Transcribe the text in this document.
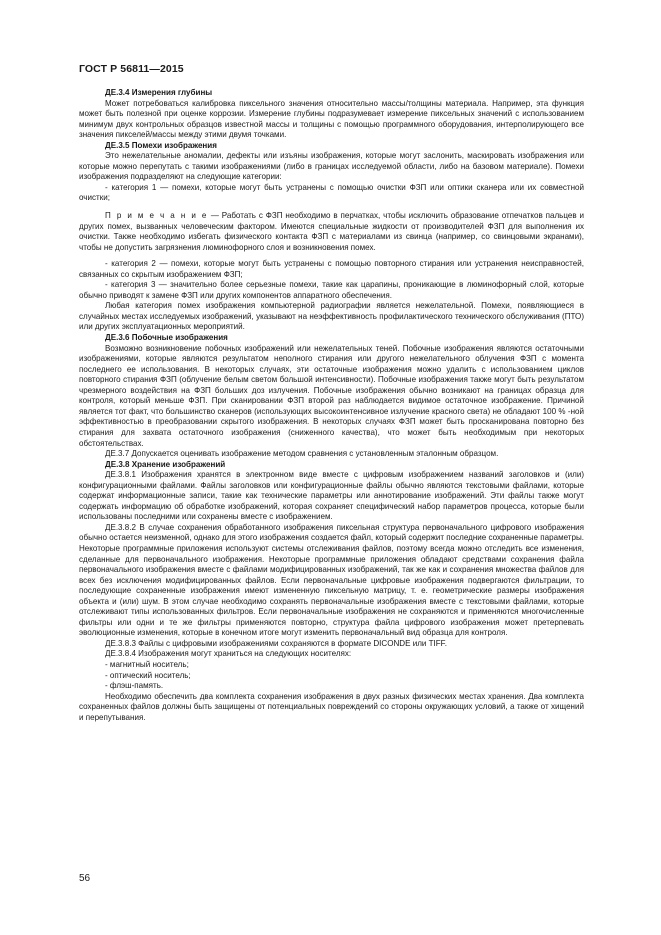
ГОСТ Р 56811—2015

ДЕ.3.4 Измерения глубины

Может потребоваться калибровка пиксельного значения относительно массы/толщины материала. Например, эта функция может быть полезной при оценке коррозии. Измерение глубины подразумевает измерение пиксельных значений с использованием минимум двух контрольных образцов известной массы и толщины с помощью программного оборудования, интерполирующего все значения пикселей/массы между этими двумя точками.

ДЕ.3.5 Помехи изображения

Это нежелательные аномалии, дефекты или изъяны изображения, которые могут заслонить, маскировать изображения или которые можно перепутать с такими изображениями (либо в границах исследуемой области, либо на базовом материале). Помехи изображения подразделяют на следующие категории:

- категория 1 — помехи, которые могут быть устранены с помощью очистки ФЗП или оптики сканера или их совместной очистки;

П р и м е ч а н и е — Работать с ФЗП необходимо в перчатках, чтобы исключить образование отпечатков пальцев и других помех, вызванных человеческим фактором. Имеются специальные жидкости от производителей ФЗП для выполнения их очистки. Также необходимо избегать физического контакта ФЗП с материалами из свинца (например, со свинцовыми экранами), чтобы не допустить загрязнения люминофорного слоя и возникновения помех.

- категория 2 — помехи, которые могут быть устранены с помощью повторного стирания или устранения неисправностей, связанных со скрытым изображением ФЗП;

- категория 3 — значительно более серьезные помехи, такие как царапины, проникающие в люминофорный слой, которые обычно приводят к замене ФЗП или других компонентов аппаратного обеспечения.

Любая категория помех изображения компьютерной радиографии является нежелательной. Помехи, появляющиеся в случайных местах исследуемых изображений, указывают на неэффективность профилактического технического обслуживания (ПТО) или других эксплуатационных мероприятий.

ДЕ.3.6 Побочные изображения

Возможно возникновение побочных изображений или нежелательных теней. Побочные изображения являются остаточными изображениями, которые являются результатом неполного стирания или другого нежелательного облучения ФЗП с момента последнего ее использования. В некоторых случаях, эти остаточные изображения можно удалить с использованием циклов повторного стирания ФЗП (облучение белым светом большой интенсивности). Побочные изображения также могут быть результатом чрезмерного воздействия на ФЗП больших доз излучения. Побочные изображения обычно возникают на границах образца для контроля, который меньше ФЗП. При сканировании ФЗП второй раз наблюдается видимое остаточное изображение. Причиной является тот факт, что большинство сканеров (использующих высокоинтенсивное излучение красного света) не обладают 100 % -ной эффективностью в преобразовании скрытого изображения. В некоторых случаях ФЗП может быть просканирована повторно без стирания для захвата остаточного изображения (сниженного качества), что может быть необходимым при некоторых обстоятельствах.

ДЕ.3.7 Допускается оценивать изображение методом сравнения с установленным эталонным образцом.

ДЕ.3.8 Хранение изображений

ДЕ.3.8.1 Изображения хранятся в электронном виде вместе с цифровым изображением названий заголовков и (или) конфигурационными файлами. Файлы заголовков или конфигурационные файлы обычно являются текстовыми файлами, которые содержат информационные записи, такие как технические параметры или аннотирование изображений. Эти файлы также могут содержать информацию об обработке изображений, которая сохраняет специфический набор параметров процесса, которые были использованы последними или сохранены вместе с изображением.

ДЕ.3.8.2 В случае сохранения обработанного изображения пиксельная структура первоначального цифрового изображения обычно остается неизменной, однако для этого изображения создается файл, который содержит последние сохраненные параметры. Некоторые программные приложения используют системы отслеживания файлов, поэтому всегда можно отследить все изменения, сделанные для первоначального изображения. Некоторые программные приложения обладают средствами сохранения файла первоначального изображения вместе с файлами модифицированных изображений, так же как и сохранения множества файлов для всех без исключения модифицированных файлов. Если первоначальные цифровые изображения подвергаются фильтрации, то последующие сохраненные изображения имеют измененную пиксельную матрицу, т. е. геометрические размеры изображения объекта и (или) шум. В этом случае необходимо сохранять первоначальные изображения вместе с текстовыми файлами, которые отслеживают типы использованных фильтров. Если первоначальные изображения не сохраняются и применяются многочисленные фильтры или одни и те же фильтры применяются повторно, структура файла цифрового изображения может претерпевать эволюционные изменения, которые в конечном итоге могут изменить первоначальный вид образца для контроля.

ДЕ.3.8.3 Файлы с цифровыми изображениями сохраняются в формате DICONDE или TIFF.

ДЕ.3.8.4 Изображения могут храниться на следующих носителях:

- магнитный носитель;

- оптический носитель;

- флэш-память.

Необходимо обеспечить два комплекта сохранения изображения в двух разных физических местах хранения. Два комплекта сохраненных файлов должны быть защищены от потенциальных повреждений со стороны окружающих условий, а также от хищений и перепутывания.

56
